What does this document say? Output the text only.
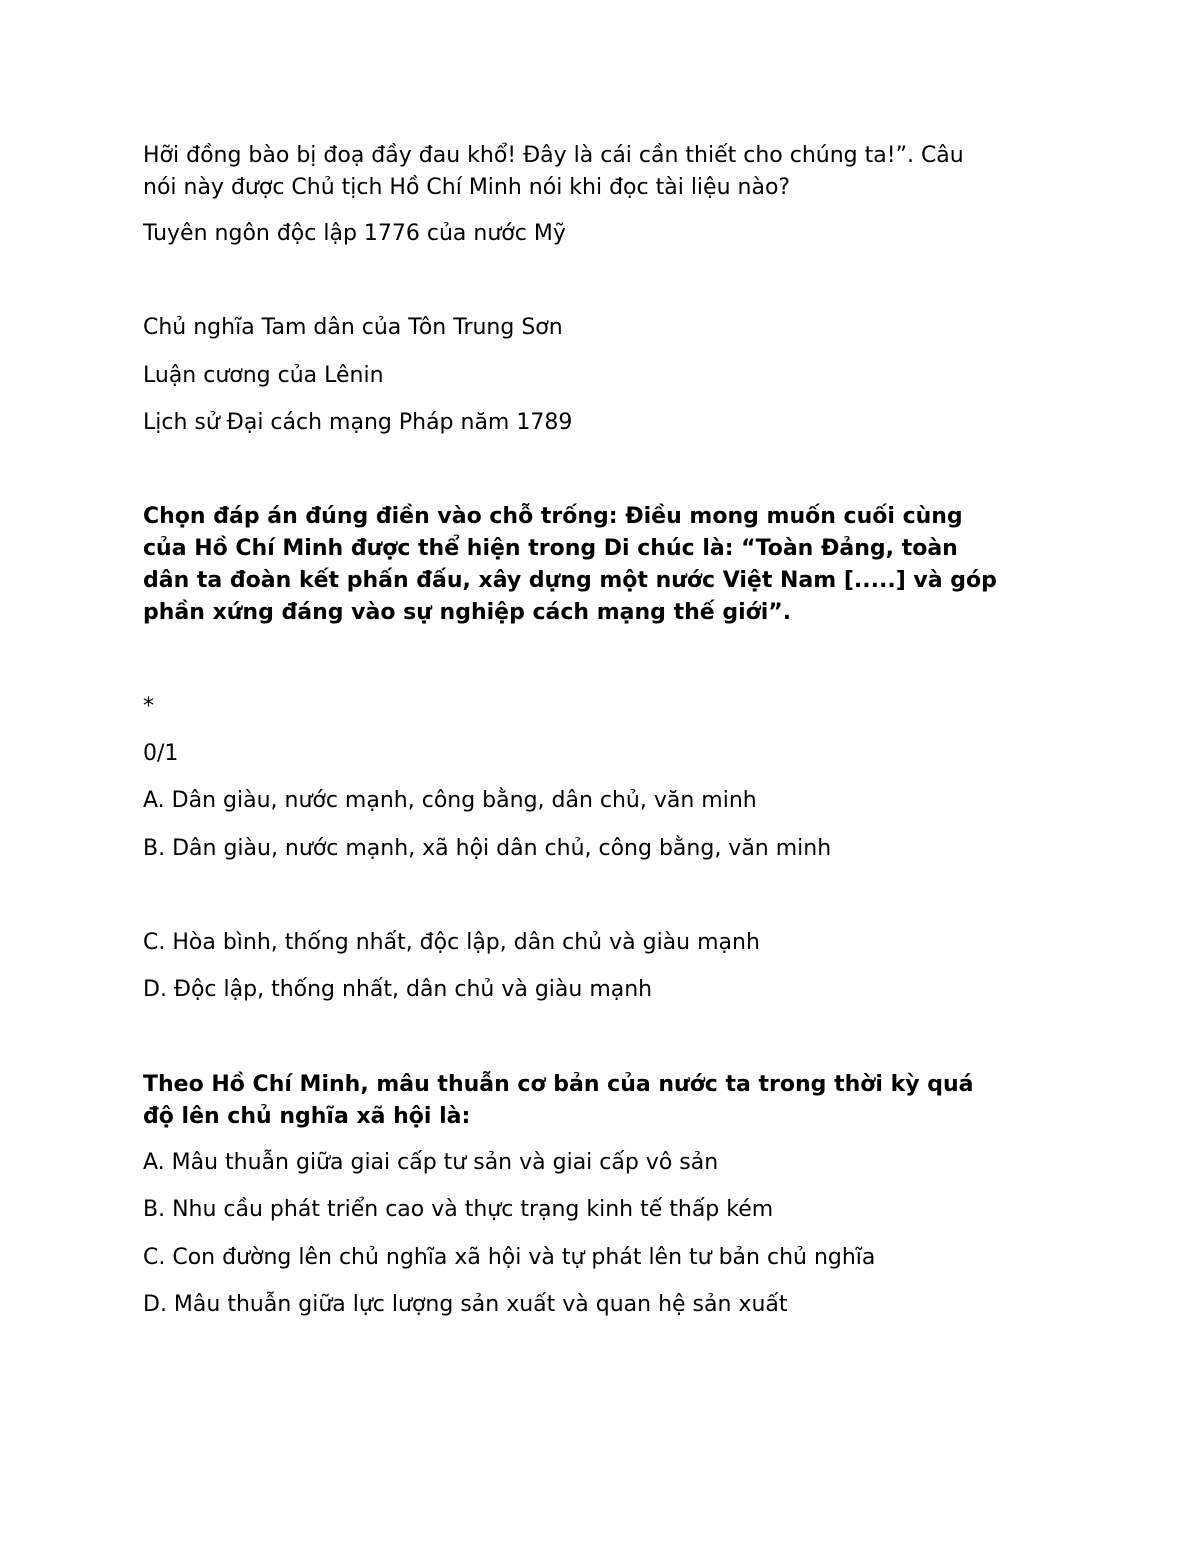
Hỡi đồng bào bị đoạ đầy đau khổ! Đây là cái cần thiết cho chúng ta!”. Câu

nói này được Chủ tịch Hồ Chí Minh nói khi đọc tài liệu nào?

Tuyên ngôn độc lập 1776 của nước Mỹ

Chủ nghĩa Tam dân của Tôn Trung Sơn

Luận cương của Lênin

Lịch sử Đại cách mạng Pháp năm 1789

Chọn đáp án đúng điền vào chỗ trống: Điều mong muốn cuối cùng

của Hồ Chí Minh được thể hiện trong Di chúc là: “Toàn Đảng, toàn

dân ta đoàn kết phấn đấu, xây dựng một nước Việt Nam [.....] và góp

phần xứng đáng vào sự nghiệp cách mạng thế giới”.

*

0/1

A. Dân giàu, nước mạnh, công bằng, dân chủ, văn minh

B. Dân giàu, nước mạnh, xã hội dân chủ, công bằng, văn minh

C. Hòa bình, thống nhất, độc lập, dân chủ và giàu mạnh

D. Độc lập, thống nhất, dân chủ và giàu mạnh

Theo Hồ Chí Minh, mâu thuẫn cơ bản của nước ta trong thời kỳ quá

độ lên chủ nghĩa xã hội là:

A. Mâu thuẫn giữa giai cấp tư sản và giai cấp vô sản

B. Nhu cầu phát triển cao và thực trạng kinh tế thấp kém

C. Con đường lên chủ nghĩa xã hội và tự phát lên tư bản chủ nghĩa

D. Mâu thuẫn giữa lực lượng sản xuất và quan hệ sản xuất
